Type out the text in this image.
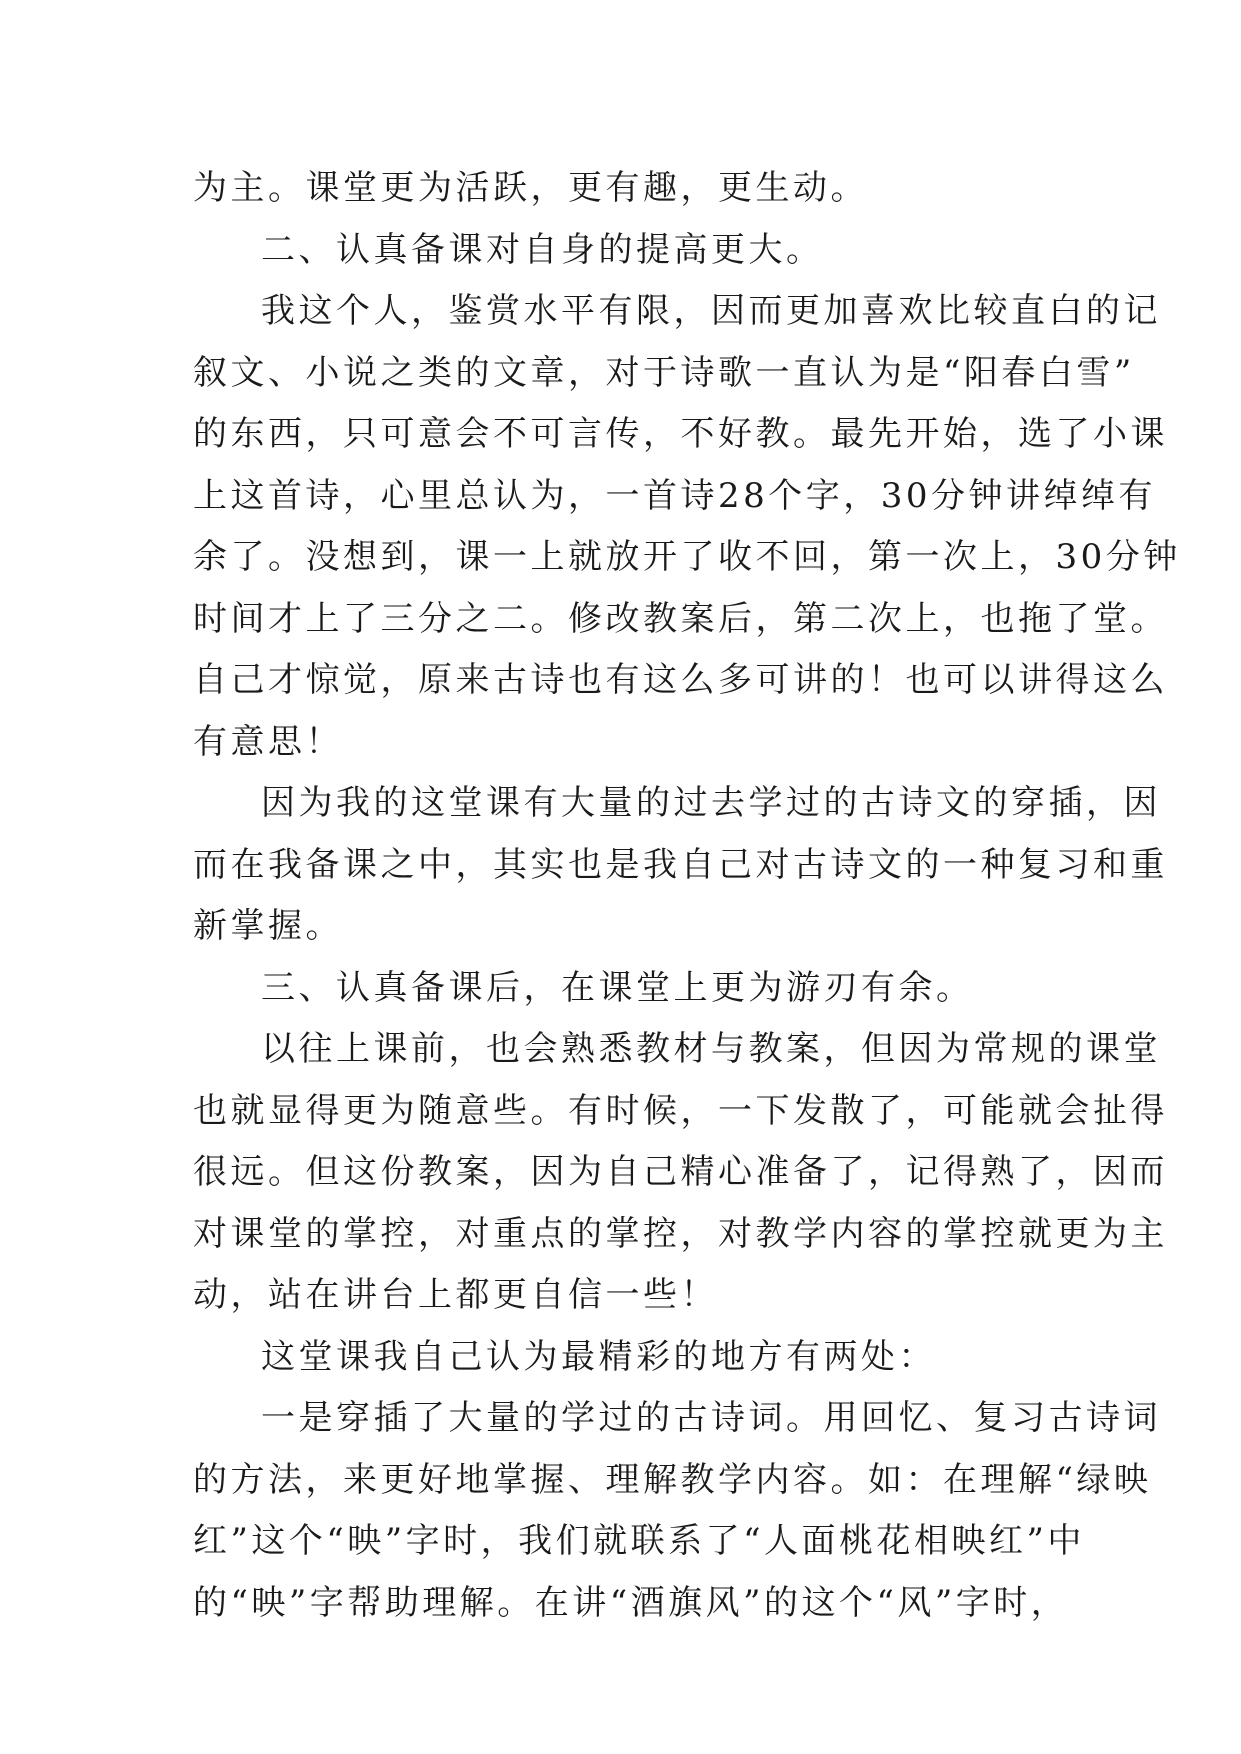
为主。课堂更为活跃，更有趣，更生动。
二、认真备课对自身的提高更大。
我这个人，鉴赏水平有限，因而更加喜欢比较直白的记
叙文、小说之类的文章，对于诗歌一直认为是“阳春白雪”
的东西，只可意会不可言传，不好教。最先开始，选了小课
上这首诗，心里总认为，一首诗28个字，30分钟讲绰绰有
余了。没想到，课一上就放开了收不回，第一次上，30分钟
时间才上了三分之二。修改教案后，第二次上，也拖了堂。
自己才惊觉，原来古诗也有这么多可讲的！也可以讲得这么
有意思！
因为我的这堂课有大量的过去学过的古诗文的穿插，因
而在我备课之中，其实也是我自己对古诗文的一种复习和重
新掌握。
三、认真备课后，在课堂上更为游刃有余。
以往上课前，也会熟悉教材与教案，但因为常规的课堂
也就显得更为随意些。有时候，一下发散了，可能就会扯得
很远。但这份教案，因为自己精心准备了，记得熟了，因而
对课堂的掌控，对重点的掌控，对教学内容的掌控就更为主
动，站在讲台上都更自信一些！
这堂课我自己认为最精彩的地方有两处：
一是穿插了大量的学过的古诗词。用回忆、复习古诗词
的方法，来更好地掌握、理解教学内容。如：在理解“绿映
红”这个“映”字时，我们就联系了“人面桃花相映红”中
的“映”字帮助理解。在讲“酒旗风”的这个“风”字时，
